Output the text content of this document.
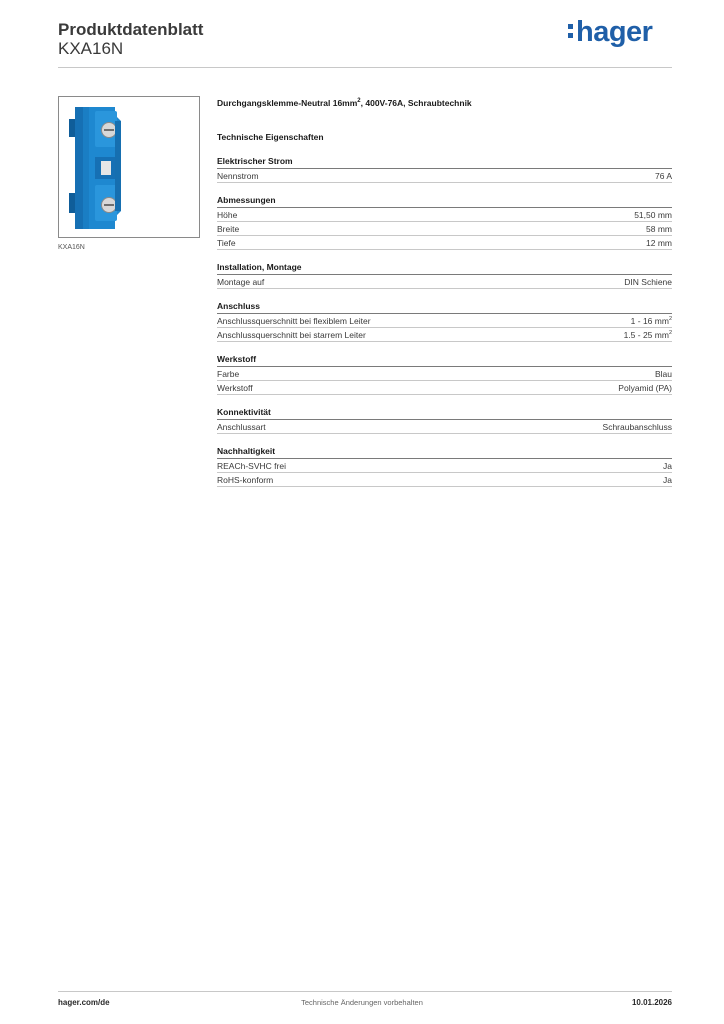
Produktdatenblatt
KXA16N
hager
KXA16N
Durchgangsklemme-Neutral $16mm^2$, 400V-76A, Schraubtechnik
Technische Eigenschaften
Elektrischer Strom
Nennstrom	76 A
Abmessungen
Höhe	51,50 mm
Breite	58 mm
Tiefe	12 mm
Installation, Montage
Montage auf	DIN Schiene
Anschluss
Anschlussquerschnitt bei flexiblem Leiter	1 - 16 $mm^2$
Anschlussquerschnitt bei starrem Leiter	1.5 - 25 $mm^2$
Werkstoff
Farbe	Blau
Werkstoff	Polyamid (PA)
Konnektivität
Anschlussart	Schraubanschluss
Nachhaltigkeit
REACh-SVHC frei	Ja
RoHS-konform	Ja
hager.com/de	Technische Änderungen vorbehalten	10.01.2026
